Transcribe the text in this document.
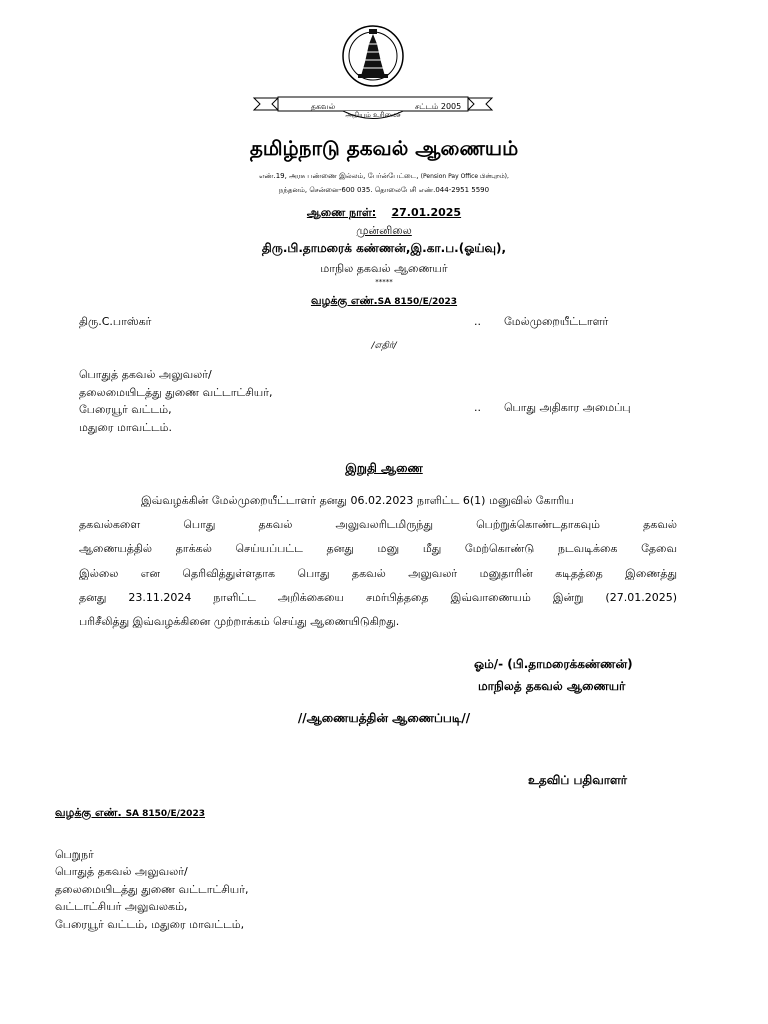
தகவல்	சட்டம் 2005
அறியும் உரிமைச்
தமிழ்நாடு தகவல் ஆணையம்
எண்.19, அரசு பண்ணை இல்லம், பேர்ன்பேட்டை, (Pension Pay Office பின்புறம்),
நந்தனம், சென்னை-600 035. தொலைபேசி எண்.044-2951 5590
ஆணை நாள்: 27.01.2025
முன்னிலை
திரு.பி.தாமரைக் கண்ணன்,இ.கா.ப.(ஓய்வு),
மாநில தகவல் ஆணையர்
*****
வழக்கு எண்.SA 8150/E/2023
திரு.C.பாஸ்கர்	.. மேல்முறையீட்டாளர்
/எதிர்/
பொதுத் தகவல் அலுவலர்/
தலைமையிடத்து துணை வட்டாட்சியர்,
பேரையூர் வட்டம்,
மதுரை மாவட்டம்.
.. பொது அதிகார அமைப்பு
இறுதி ஆணை

இவ்வழக்கின் மேல்முறையீட்டாளர் தனது 06.02.2023 நாளிட்ட 6(1) மனுவில் கோரிய

தகவல்களை பொது தகவல் அலுவலரிடமிருந்து பெற்றுக்கொண்டதாகவும் தகவல்

ஆணையத்தில் தாக்கல் செய்யப்பட்ட தனது மனு மீது மேற்கொண்டு நடவடிக்கை தேவை

இல்லை என தெரிவித்துள்ளதாக பொது தகவல் அலுவலர் மனுதாரின் கடிதத்தை இணைத்து

தனது 23.11.2024 நாளிட்ட அறிக்கையை சமர்பித்ததை இவ்வாணையம் இன்று (27.01.2025)

பரிசீலித்து இவ்வழக்கினை முற்றாக்கம் செய்து ஆணையிடுகிறது.

ஓம்/- (பி.தாமரைக்கண்ணன்)
மாநிலத் தகவல் ஆணையர்
//ஆணையத்தின் ஆணைப்படி//
உதவிப் பதிவாளர்
வழக்கு எண். SA 8150/E/2023
பெறுநர்
பொதுத் தகவல் அலுவலர்/
தலைமையிடத்து துணை வட்டாட்சியர்,
வட்டாட்சியர் அலுவலகம்,
பேரையூர் வட்டம், மதுரை மாவட்டம்,
